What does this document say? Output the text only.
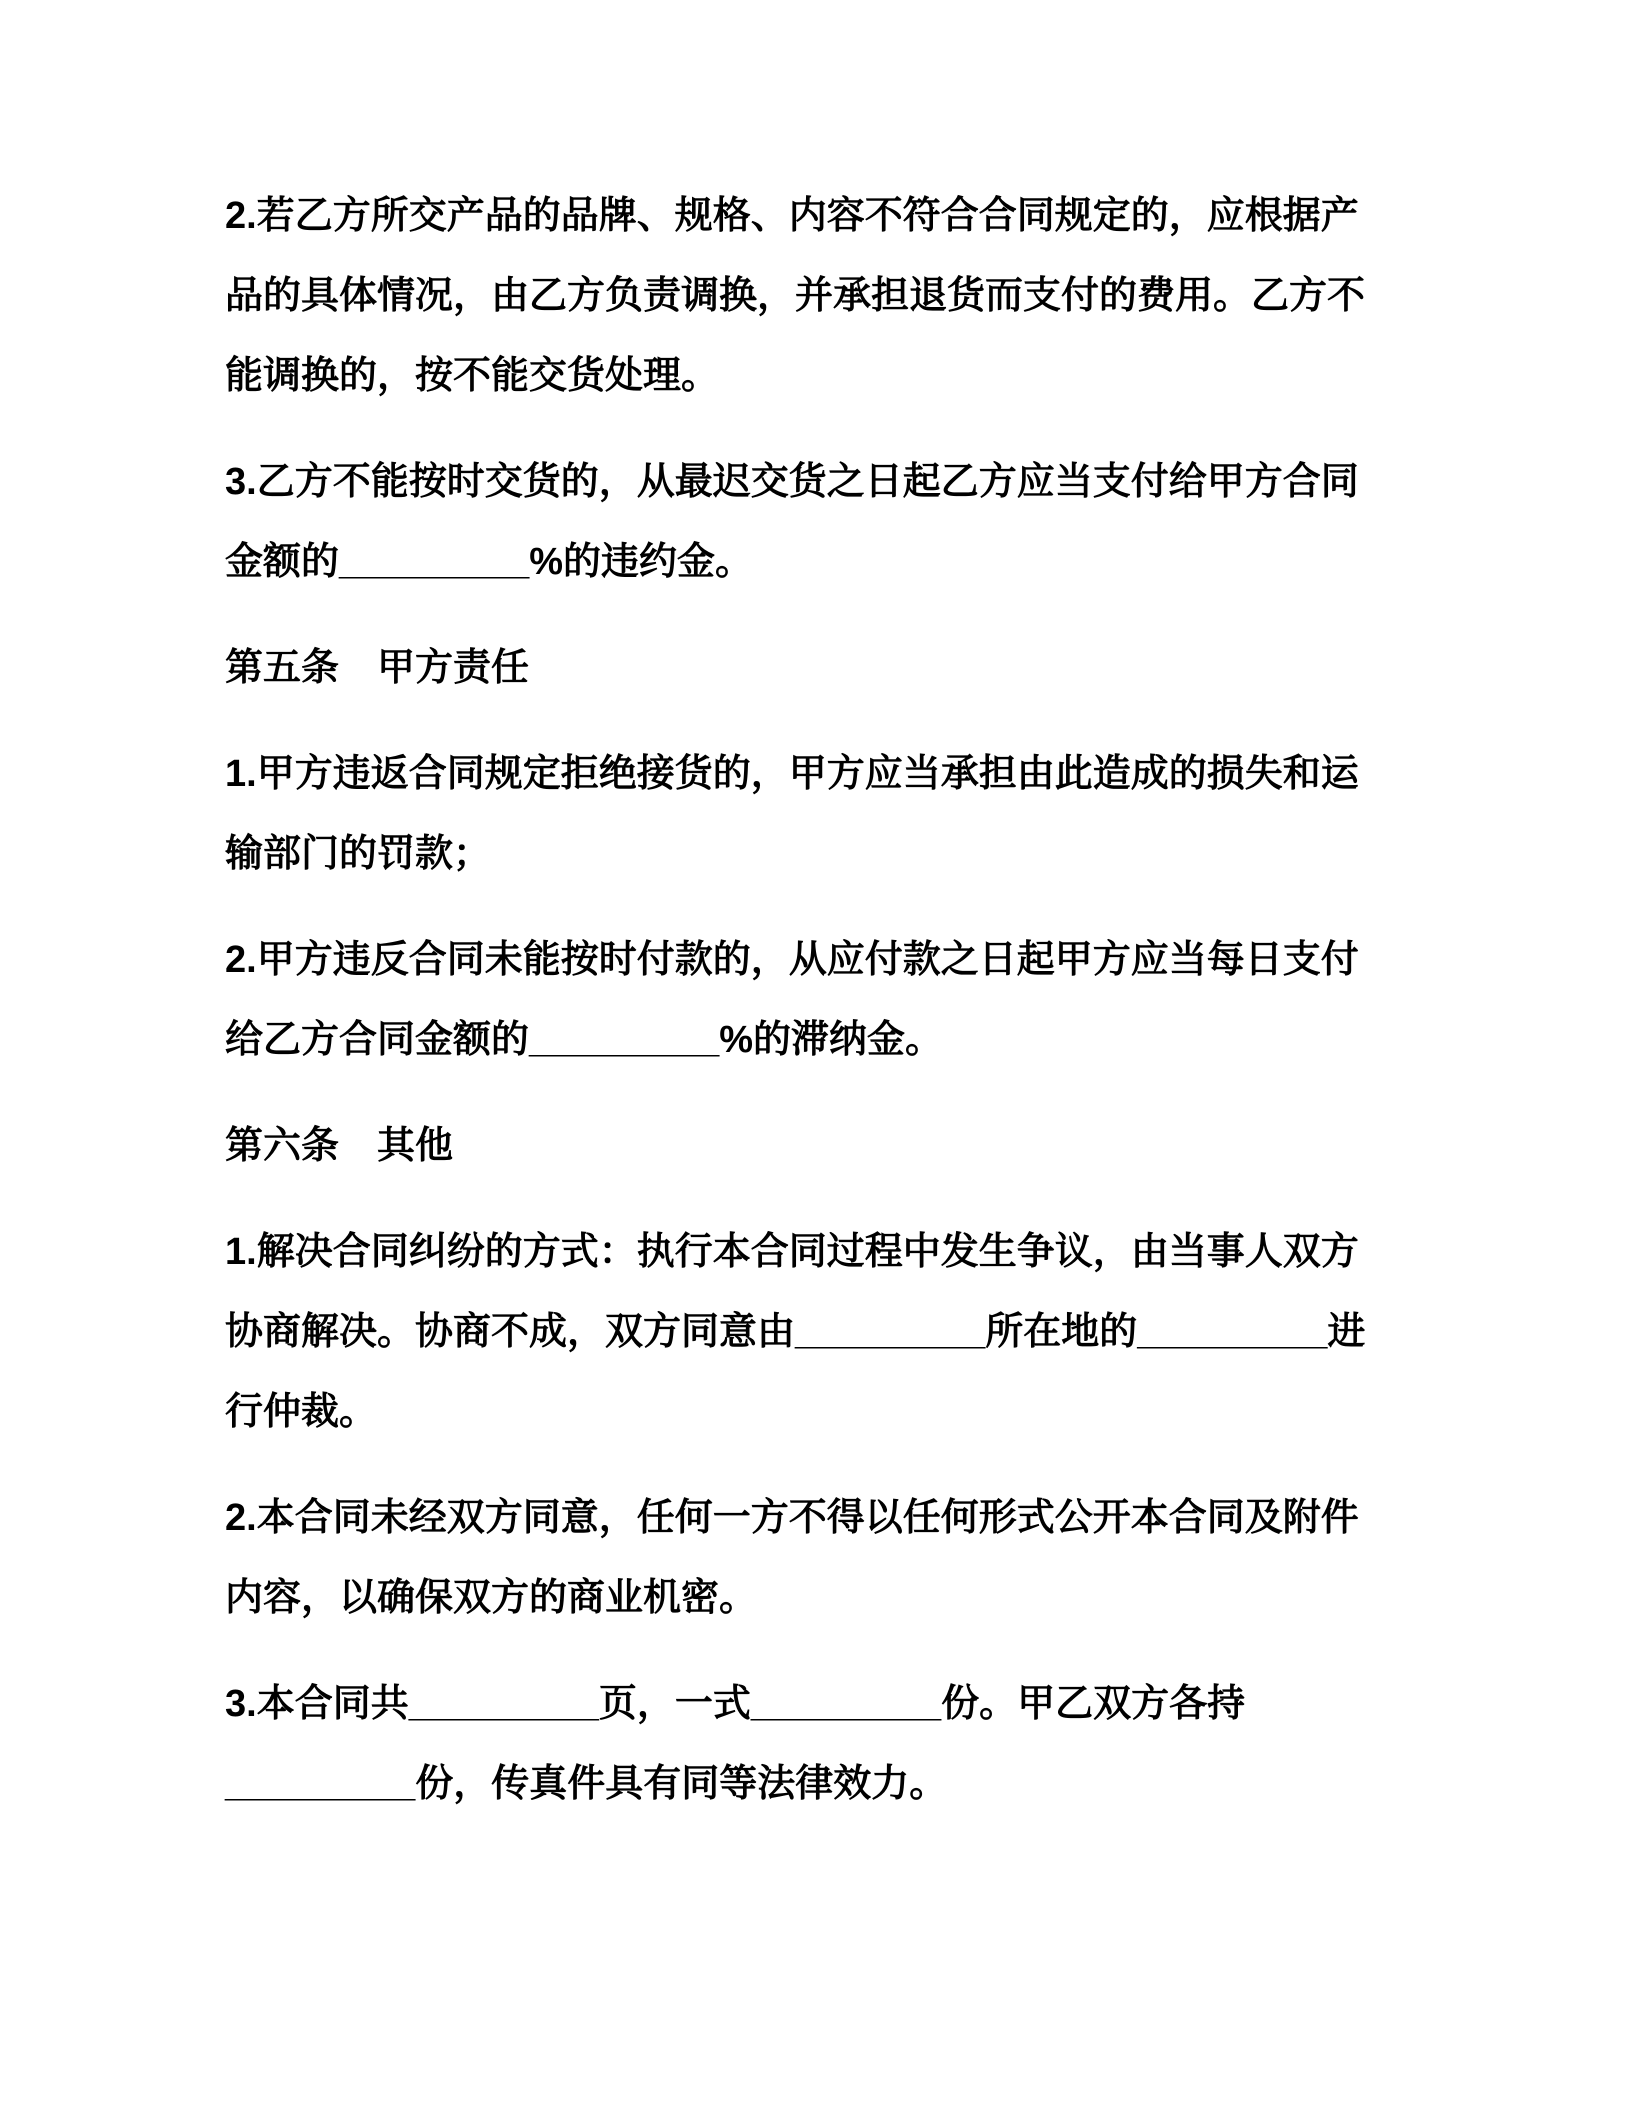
2.若乙方所交产品的品牌、规格、内容不符合合同规定的，应根据产品的具体情况，由乙方负责调换，并承担退货而支付的费用。乙方不能调换的，按不能交货处理。

3.乙方不能按时交货的，从最迟交货之日起乙方应当支付给甲方合同金额的_________%的违约金。

第五条　甲方责任

1.甲方违返合同规定拒绝接货的，甲方应当承担由此造成的损失和运输部门的罚款；

2.甲方违反合同未能按时付款的，从应付款之日起甲方应当每日支付给乙方合同金额的_________%的滞纳金。

第六条　其他

1.解决合同纠纷的方式：执行本合同过程中发生争议，由当事人双方协商解决。协商不成，双方同意由_________所在地的_________进行仲裁。

2.本合同未经双方同意，任何一方不得以任何形式公开本合同及附件内容，以确保双方的商业机密。

3.本合同共_________页，一式_________份。甲乙双方各持_________份，传真件具有同等法律效力。
